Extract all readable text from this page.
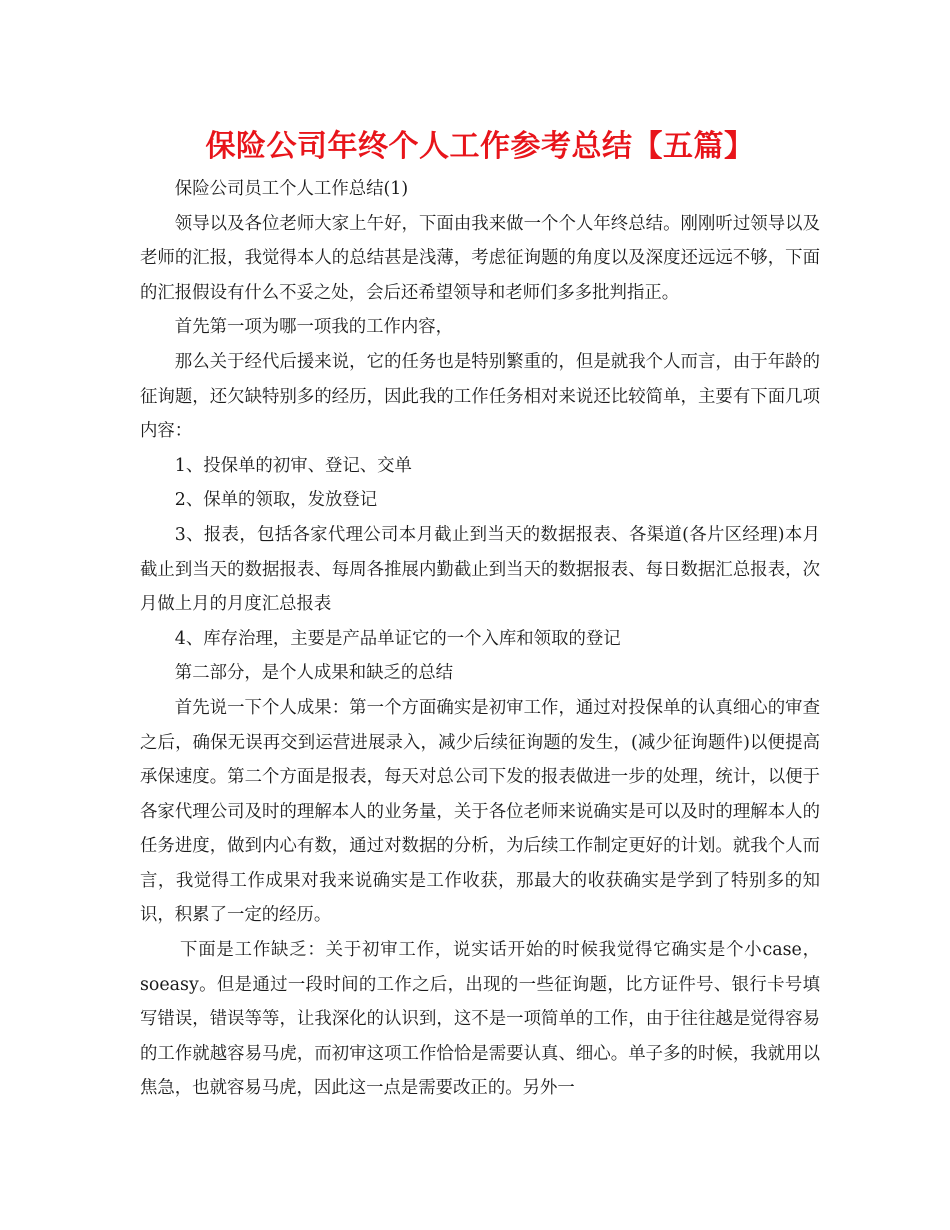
保险公司年终个人工作参考总结【五篇】

保险公司员工个人工作总结(1)

领导以及各位老师大家上午好，下面由我来做一个个人年终总结。刚刚听过领导以及老师的汇报，我觉得本人的总结甚是浅薄，考虑征询题的角度以及深度还远远不够，下面的汇报假设有什么不妥之处，会后还希望领导和老师们多多批判指正。

首先第一项为哪一项我的工作内容，

那么关于经代后援来说，它的任务也是特别繁重的，但是就我个人而言，由于年龄的征询题，还欠缺特别多的经历，因此我的工作任务相对来说还比较简单，主要有下面几项内容：

1、投保单的初审、登记、交单

2、保单的领取，发放登记

3、报表，包括各家代理公司本月截止到当天的数据报表、各渠道(各片区经理)本月截止到当天的数据报表、每周各推展内勤截止到当天的数据报表、每日数据汇总报表，次月做上月的月度汇总报表

4、库存治理，主要是产品单证它的一个入库和领取的登记

第二部分，是个人成果和缺乏的总结

首先说一下个人成果：第一个方面确实是初审工作，通过对投保单的认真细心的审查之后，确保无误再交到运营进展录入，减少后续征询题的发生，(减少征询题件)以便提高承保速度。第二个方面是报表，每天对总公司下发的报表做进一步的处理，统计，以便于各家代理公司及时的理解本人的业务量，关于各位老师来说确实是可以及时的理解本人的任务进度，做到内心有数，通过对数据的分析，为后续工作制定更好的计划。就我个人而言，我觉得工作成果对我来说确实是工作收获，那最大的收获确实是学到了特别多的知识，积累了一定的经历。

下面是工作缺乏：关于初审工作，说实话开始的时候我觉得它确实是个小case，soeasy。但是通过一段时间的工作之后，出现的一些征询题，比方证件号、银行卡号填写错误，错误等等，让我深化的认识到，这不是一项简单的工作，由于往往越是觉得容易的工作就越容易马虎，而初审这项工作恰恰是需要认真、细心。单子多的时候，我就用以焦急，也就容易马虎，因此这一点是需要改正的。另外一
